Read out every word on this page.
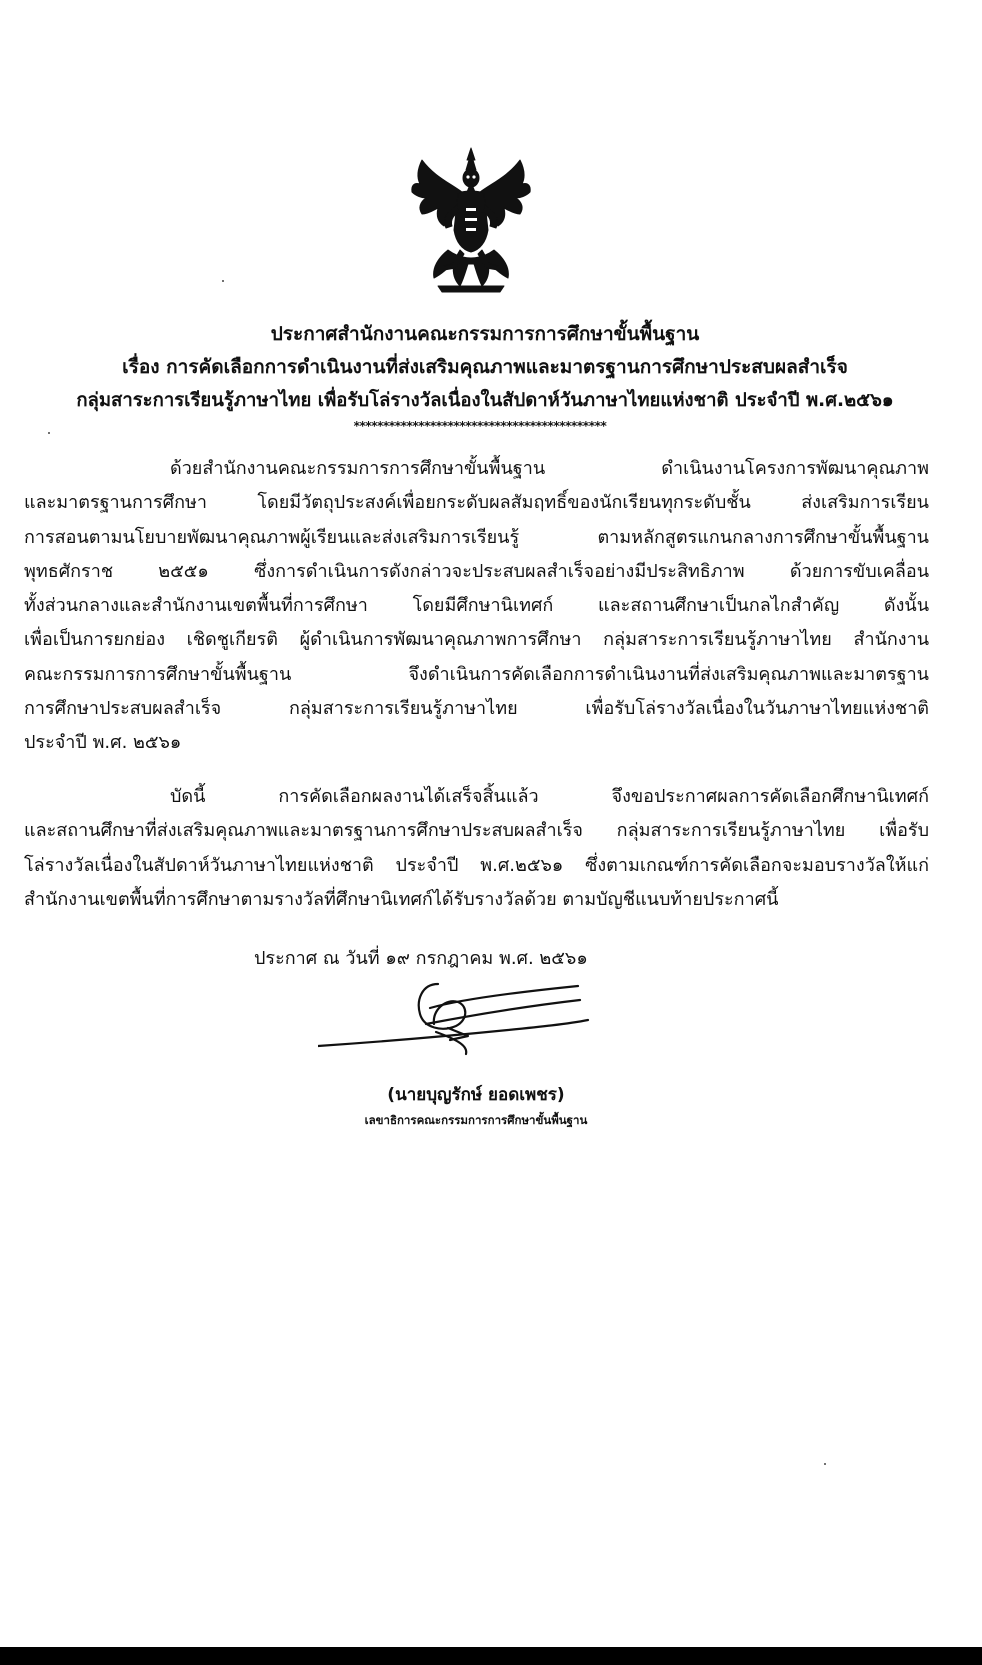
ประกาศสำนักงานคณะกรรมการการศึกษาขั้นพื้นฐาน
เรื่อง การคัดเลือกการดำเนินงานที่ส่งเสริมคุณภาพและมาตรฐานการศึกษาประสบผลสำเร็จ
กลุ่มสาระการเรียนรู้ภาษาไทย เพื่อรับโล่รางวัลเนื่องในสัปดาห์วันภาษาไทยแห่งชาติ ประจำปี พ.ศ.๒๕๖๑
*******************************************
ด้วยสำนักงานคณะกรรมการการศึกษาขั้นพื้นฐาน ดำเนินงานโครงการพัฒนาคุณภาพ
และมาตรฐานการศึกษา โดยมีวัตถุประสงค์เพื่อยกระดับผลสัมฤทธิ์ของนักเรียนทุกระดับชั้น ส่งเสริมการเรียน
การสอนตามนโยบายพัฒนาคุณภาพผู้เรียนและส่งเสริมการเรียนรู้ ตามหลักสูตรแกนกลางการศึกษาขั้นพื้นฐาน
พุทธศักราช ๒๕๕๑ ซึ่งการดำเนินการดังกล่าวจะประสบผลสำเร็จอย่างมีประสิทธิภาพ ด้วยการขับเคลื่อน
ทั้งส่วนกลางและสำนักงานเขตพื้นที่การศึกษา โดยมีศึกษานิเทศก์ และสถานศึกษาเป็นกลไกสำคัญ ดังนั้น
เพื่อเป็นการยกย่อง เชิดชูเกียรติ ผู้ดำเนินการพัฒนาคุณภาพการศึกษา กลุ่มสาระการเรียนรู้ภาษาไทย สำนักงาน
คณะกรรมการการศึกษาขั้นพื้นฐาน จึงดำเนินการคัดเลือกการดำเนินงานที่ส่งเสริมคุณภาพและมาตรฐาน
การศึกษาประสบผลสำเร็จ กลุ่มสาระการเรียนรู้ภาษาไทย เพื่อรับโล่รางวัลเนื่องในวันภาษาไทยแห่งชาติ
ประจำปี พ.ศ. ๒๕๖๑
บัดนี้ การคัดเลือกผลงานได้เสร็จสิ้นแล้ว จึงขอประกาศผลการคัดเลือกศึกษานิเทศก์
และสถานศึกษาที่ส่งเสริมคุณภาพและมาตรฐานการศึกษาประสบผลสำเร็จ กลุ่มสาระการเรียนรู้ภาษาไทย เพื่อรับ
โล่รางวัลเนื่องในสัปดาห์วันภาษาไทยแห่งชาติ ประจำปี พ.ศ.๒๕๖๑ ซึ่งตามเกณฑ์การคัดเลือกจะมอบรางวัลให้แก่
สำนักงานเขตพื้นที่การศึกษาตามรางวัลที่ศึกษานิเทศก์ได้รับรางวัลด้วย ตามบัญชีแนบท้ายประกาศนี้
ประกาศ ณ วันที่ ๑๙ กรกฎาคม พ.ศ. ๒๕๖๑
(นายบุญรักษ์ ยอดเพชร)
เลขาธิการคณะกรรมการการศึกษาขั้นพื้นฐาน
